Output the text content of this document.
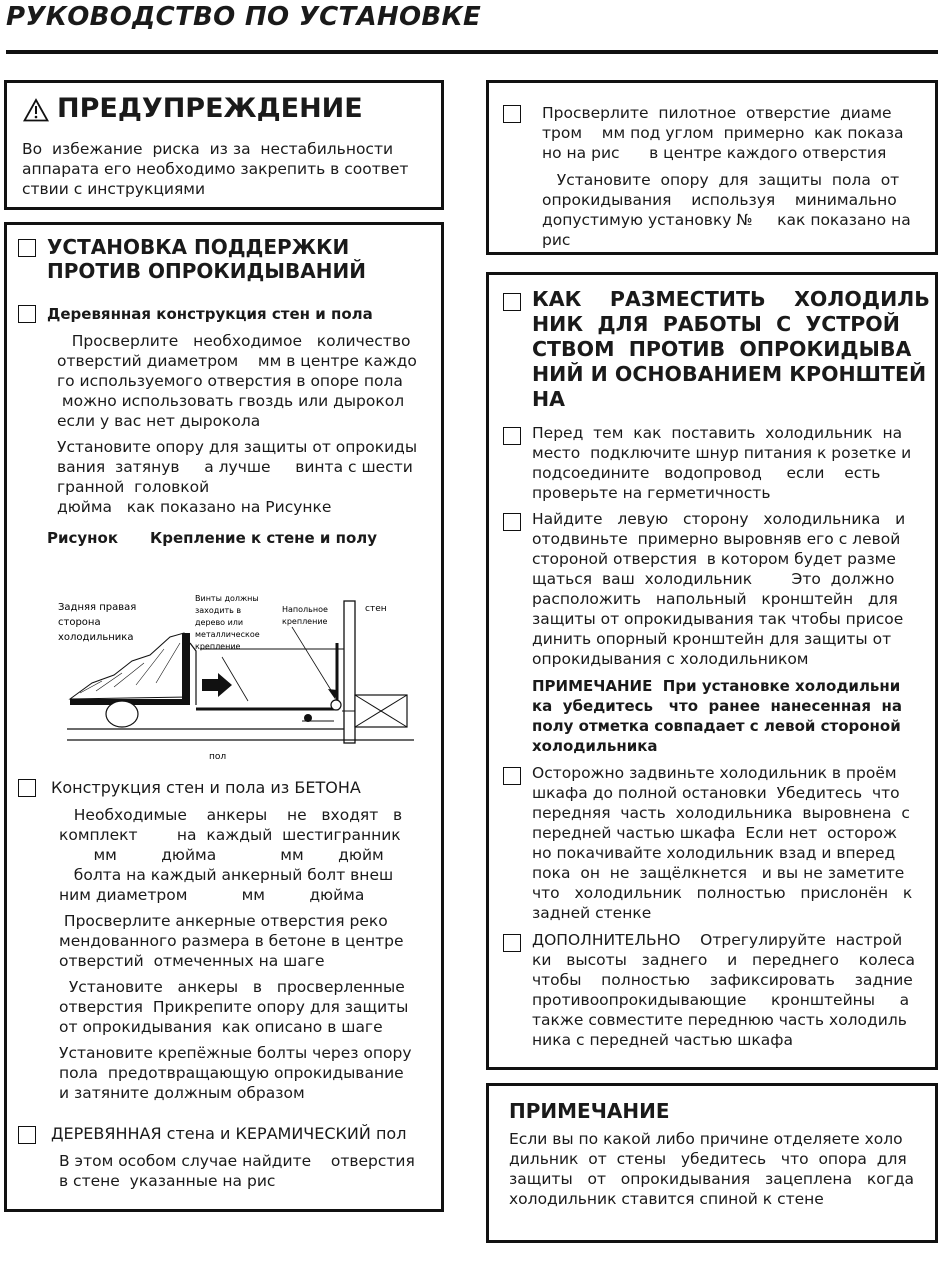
РУКОВОДСТВО ПО УСТАНОВКЕ
ПРЕДУПРЕЖДЕНИЕ
Во  избежание  риска  из за  нестабильности
аппарата его необходимо закрепить в соответ
ствии с инструкциями
УСТАНОВКА ПОДДЕРЖКИ
ПРОТИВ ОПРОКИДЫВАНИЙ
Деревянная конструкция стен и пола
Просверлите   необходимое   количество
отверстий диаметром    мм в центре каждо
го используемого отверстия в опоре пола
можно использовать гвоздь или дырокол
если у вас нет дырокола
Установите опору для защиты от опрокиды
вания  затянув     а лучше     винта с шести
гранной  головкой
дюйма   как показано на Рисунке
Рисунок Крепление к стене и полу
Задняя правая
сторона
холодильника
Винты должны
заходить в
дерево или
металлическое
крепление
Напольное
крепление
стен
пол
Конструкция стен и пола из БЕТОНА
Необходимые    анкеры    не   входят   в
комплект        на  каждый  шестигранник
мм         дюйма             мм       дюйм
болта на каждый анкерный болт внеш
ним диаметром           мм         дюйма
Просверлите анкерные отверстия реко
мендованного размера в бетоне в центре
отверстий  отмеченных на шаге
Установите   анкеры   в   просверленные
отверстия  Прикрепите опору для защиты
от опрокидывания  как описано в шаге
Установите крепёжные болты через опору
пола  предотвращающую опрокидывание
и затяните должным образом
ДЕРЕВЯННАЯ стена и КЕРАМИЧЕСКИЙ пол
В этом особом случае найдите    отверстия
в стене  указанные на рис
Просверлите  пилотное  отверстие  диаме
тром    мм под углом  примерно  как показа
но на рис      в центре каждого отверстия
Установите  опору  для  защиты  пола  от
опрокидывания    используя    минимально
допустимую установку №     как показано на
рис
КАК    РАЗМЕСТИТЬ    ХОЛОДИЛЬ
НИК  ДЛЯ  РАБОТЫ  С  УСТРОЙ
СТВОМ  ПРОТИВ  ОПРОКИДЫВА
НИЙ И ОСНОВАНИЕМ КРОНШТЕЙ
НА
Перед  тем  как  поставить  холодильник  на
место  подключите шнур питания к розетке и
подсоедините   водопровод     если    есть
проверьте на герметичность
Найдите   левую   сторону   холодильника   и
отодвиньте  примерно выровняв его с левой
стороной отверстия  в котором будет разме
щаться  ваш  холодильник        Это  должно
расположить   напольный   кронштейн   для
защиты от опрокидывания так чтобы присое
динить опорный кронштейн для защиты от
опрокидывания с холодильником
ПРИМЕЧАНИЕ  При установке холодильни
ка  убедитесь   что  ранее  нанесенная  на
полу отметка совпадает с левой стороной
холодильника
Осторожно задвиньте холодильник в проём
шкафа до полной остановки  Убедитесь  что
передняя  часть  холодильника  выровнена  с
передней частью шкафа  Если нет  осторож
но покачивайте холодильник взад и вперед
пока  он  не  защёлкнется   и вы не заметите
что   холодильник   полностью   прислонён   к
задней стенке
ДОПОЛНИТЕЛЬНО    Отрегулируйте  настрой
ки   высоты   заднего    и   переднего    колеса
чтобы    полностью    зафиксировать    задние
противоопрокидывающие     кронштейны     а
также совместите переднюю часть холодиль
ника с передней частью шкафа
ПРИМЕЧАНИЕ
Если вы по какой либо причине отделяете холо
дильник  от  стены   убедитесь   что  опора  для
защиты   от   опрокидывания   зацеплена   когда
холодильник ставится спиной к стене
